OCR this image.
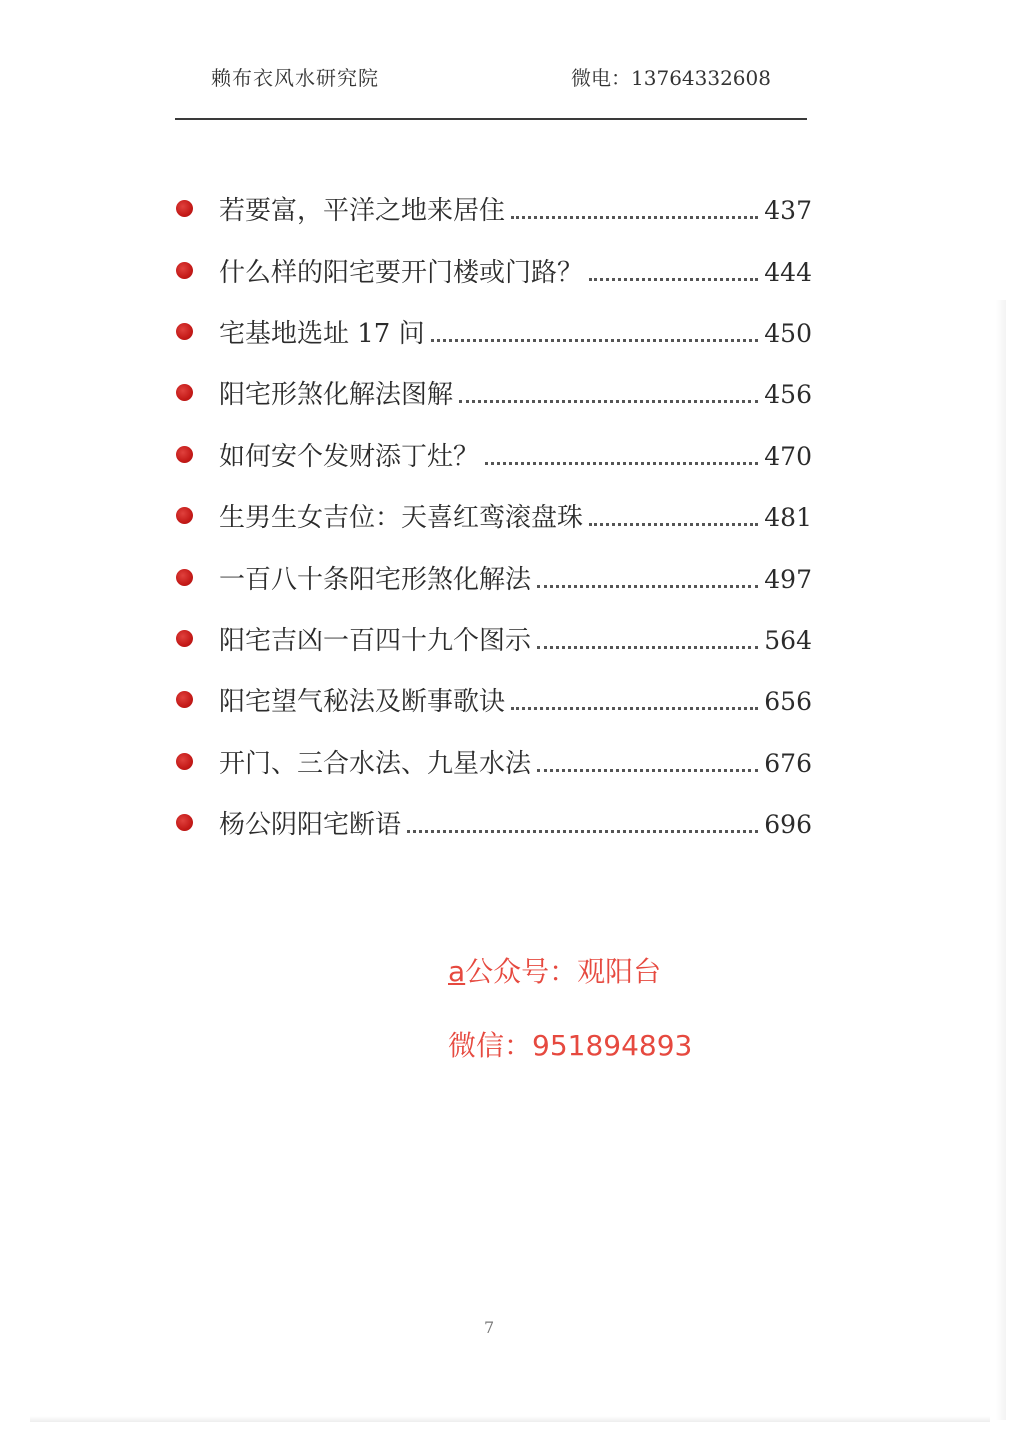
赖布衣风水研究院	微电：13764332608
若要富，平洋之地来居住	437
什么样的阳宅要开门楼或门路？	444
宅基地选址 17 问	450
阳宅形煞化解法图解	456
如何安个发财添丁灶？	470
生男生女吉位：天喜红鸾滚盘珠	481
一百八十条阳宅形煞化解法	497
阳宅吉凶一百四十九个图示	564
阳宅望气秘法及断事歌诀	656
开门、三合水法、九星水法	676
杨公阴阳宅断语	696
a公众号：观阳台
微信：951894893
7
